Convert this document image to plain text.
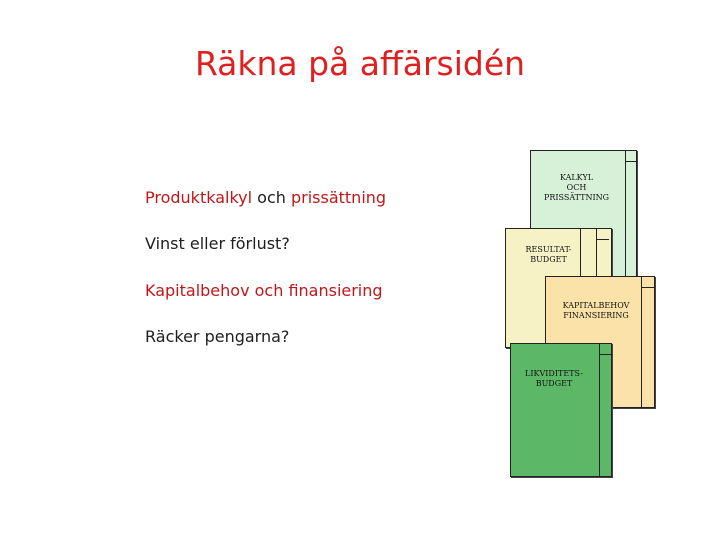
Räkna på affärsidén
Produktkalkyl och prissättning
Vinst eller förlust?
Kapitalbehov och finansiering
Räcker pengarna?
KALKYL
OCH
PRISSÄTTNING
RESULTAT-
BUDGET
KAPITALBEHOV
FINANSIERING
LIKVIDITETS-
BUDGET
